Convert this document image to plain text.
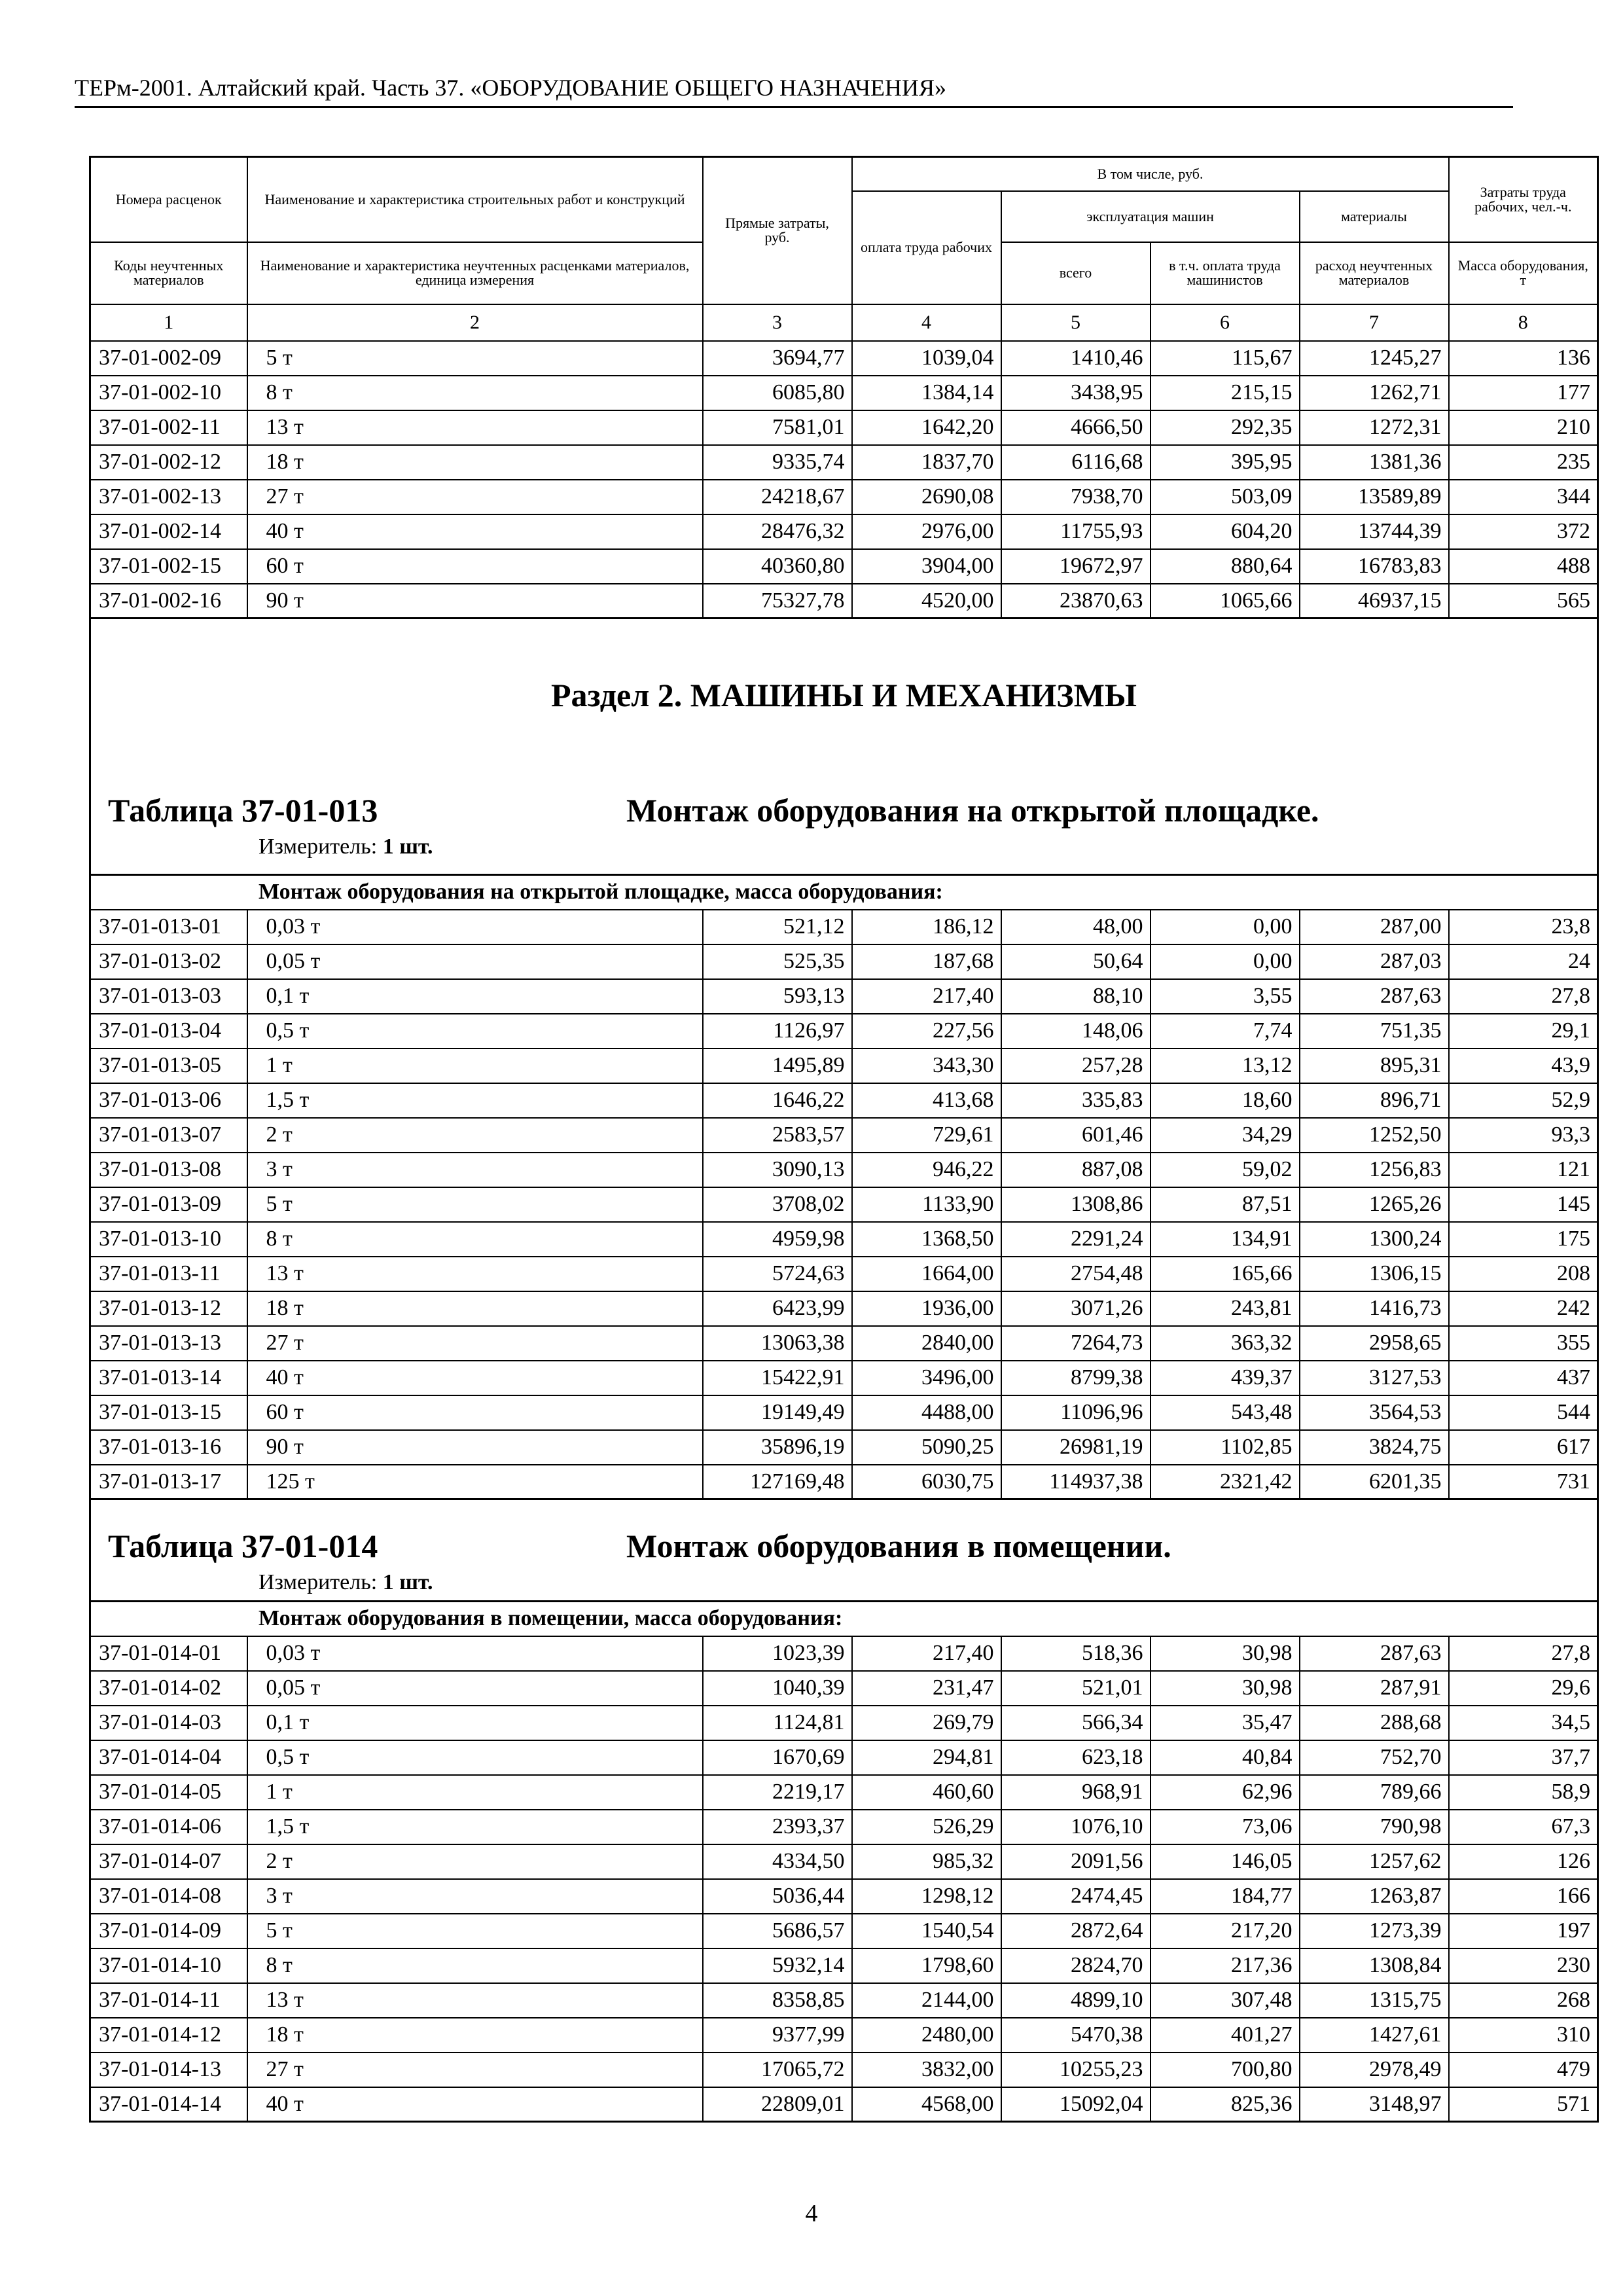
ТЕРм-2001. Алтайский край. Часть 37. «ОБОРУДОВАНИЕ ОБЩЕГО НАЗНАЧЕНИЯ»
Номера расценок	Наименование и характеристика строительных работ и конструкций	Прямые затраты, руб.	В том числе, руб.				Затраты труда рабочих, чел.-ч.
			оплата труда рабочих	эксплуатация машин		материалы	
Коды неучтенных материалов	Наименование и характеристика неучтенных расценками материалов, единица измерения			всего	в т.ч. оплата труда машинистов	расход неучтенных материалов	Масса оборудования, т
1	2	3	4	5	6	7	8
37-01-002-09	5 т	3694,77	1039,04	1410,46	115,67	1245,27	136
37-01-002-10	8 т	6085,80	1384,14	3438,95	215,15	1262,71	177
37-01-002-11	13 т	7581,01	1642,20	4666,50	292,35	1272,31	210
37-01-002-12	18 т	9335,74	1837,70	6116,68	395,95	1381,36	235
37-01-002-13	27 т	24218,67	2690,08	7938,70	503,09	13589,89	344
37-01-002-14	40 т	28476,32	2976,00	11755,93	604,20	13744,39	372
37-01-002-15	60 т	40360,80	3904,00	19672,97	880,64	16783,83	488
37-01-002-16	90 т	75327,78	4520,00	23870,63	1065,66	46937,15	565

Раздел 2. МАШИНЫ И МЕХАНИЗМЫ
Таблица 37-01-013 Монтаж оборудования на открытой площадке.
Измеритель: 1 шт.							

Монтаж оборудования на открытой площадке, масса оборудования:							
37-01-013-01	0,03 т	521,12	186,12	48,00	0,00	287,00	23,8
37-01-013-02	0,05 т	525,35	187,68	50,64	0,00	287,03	24
37-01-013-03	0,1 т	593,13	217,40	88,10	3,55	287,63	27,8
37-01-013-04	0,5 т	1126,97	227,56	148,06	7,74	751,35	29,1
37-01-013-05	1 т	1495,89	343,30	257,28	13,12	895,31	43,9
37-01-013-06	1,5 т	1646,22	413,68	335,83	18,60	896,71	52,9
37-01-013-07	2 т	2583,57	729,61	601,46	34,29	1252,50	93,3
37-01-013-08	3 т	3090,13	946,22	887,08	59,02	1256,83	121
37-01-013-09	5 т	3708,02	1133,90	1308,86	87,51	1265,26	145
37-01-013-10	8 т	4959,98	1368,50	2291,24	134,91	1300,24	175
37-01-013-11	13 т	5724,63	1664,00	2754,48	165,66	1306,15	208
37-01-013-12	18 т	6423,99	1936,00	3071,26	243,81	1416,73	242
37-01-013-13	27 т	13063,38	2840,00	7264,73	363,32	2958,65	355
37-01-013-14	40 т	15422,91	3496,00	8799,38	439,37	3127,53	437
37-01-013-15	60 т	19149,49	4488,00	11096,96	543,48	3564,53	544
37-01-013-16	90 т	35896,19	5090,25	26981,19	1102,85	3824,75	617
37-01-013-17	125 т	127169,48	6030,75	114937,38	2321,42	6201,35	731

Таблица 37-01-014 Монтаж оборудования в помещении.
Измеритель: 1 шт.							

Монтаж оборудования в помещении, масса оборудования:							
37-01-014-01	0,03 т	1023,39	217,40	518,36	30,98	287,63	27,8
37-01-014-02	0,05 т	1040,39	231,47	521,01	30,98	287,91	29,6
37-01-014-03	0,1 т	1124,81	269,79	566,34	35,47	288,68	34,5
37-01-014-04	0,5 т	1670,69	294,81	623,18	40,84	752,70	37,7
37-01-014-05	1 т	2219,17	460,60	968,91	62,96	789,66	58,9
37-01-014-06	1,5 т	2393,37	526,29	1076,10	73,06	790,98	67,3
37-01-014-07	2 т	4334,50	985,32	2091,56	146,05	1257,62	126
37-01-014-08	3 т	5036,44	1298,12	2474,45	184,77	1263,87	166
37-01-014-09	5 т	5686,57	1540,54	2872,64	217,20	1273,39	197
37-01-014-10	8 т	5932,14	1798,60	2824,70	217,36	1308,84	230
37-01-014-11	13 т	8358,85	2144,00	4899,10	307,48	1315,75	268
37-01-014-12	18 т	9377,99	2480,00	5470,38	401,27	1427,61	310
37-01-014-13	27 т	17065,72	3832,00	10255,23	700,80	2978,49	479
37-01-014-14	40 т	22809,01	4568,00	15092,04	825,36	3148,97	571
4
